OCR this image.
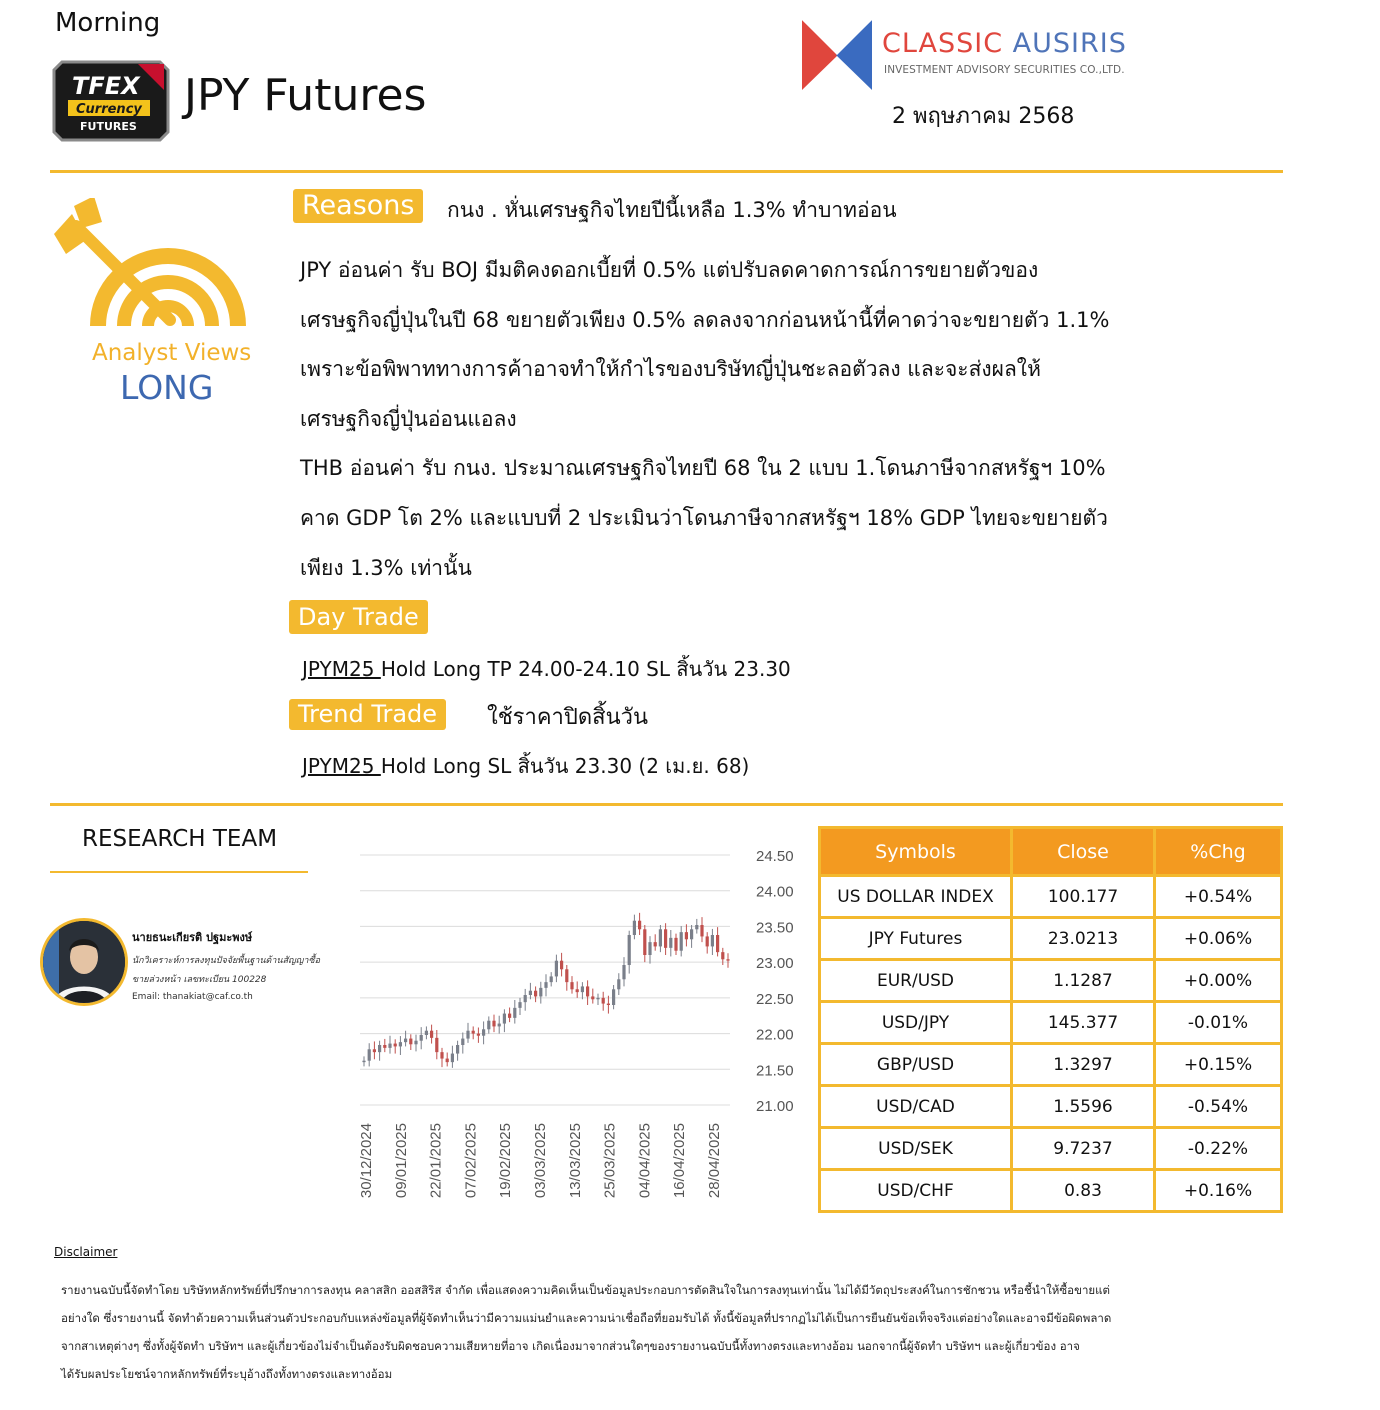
Morning
TFEX
Currency
FUTURES
JPY Futures
CLASSIC AUSIRIS
INVESTMENT ADVISORY SECURITIES CO.,LTD.
2 พฤษภาคม 2568
Analyst Views
LONG
Reasons	กนง . หั่นเศรษฐกิจไทยปีนี้เหลือ 1.3% ทำบาทอ่อน

JPY อ่อนค่า รับ BOJ มีมติคงดอกเบี้ยที่ 0.5% แต่ปรับลดคาดการณ์การขยายตัวของ

เศรษฐกิจญี่ปุ่นในปี 68 ขยายตัวเพียง 0.5% ลดลงจากก่อนหน้านี้ที่คาดว่าจะขยายตัว 1.1%

เพราะข้อพิพาททางการค้าอาจทำให้กำไรของบริษัทญี่ปุ่นชะลอตัวลง และจะส่งผลให้

เศรษฐกิจญี่ปุ่นอ่อนแอลง

THB อ่อนค่า รับ กนง. ประมาณเศรษฐกิจไทยปี 68 ใน 2 แบบ 1.โดนภาษีจากสหรัฐฯ 10%

คาด GDP โต 2% และแบบที่ 2 ประเมินว่าโดนภาษีจากสหรัฐฯ 18% GDP ไทยจะขยายตัว

เพียง 1.3% เท่านั้น

Day Trade
JPYM25 Hold Long TP 24.00-24.10 SL สิ้นวัน 23.30
Trend Trade	ใช้ราคาปิดสิ้นวัน
JPYM25 Hold Long SL สิ้นวัน 23.30 (2 เม.ย. 68)
RESEARCH TEAM
นายธนะเกียรติ ปฐมะพงษ์
นักวิเคราะห์การลงทุนปัจจัยพื้นฐานด้านสัญญาซื้อ
ขายล่วงหน้า เลขทะเบียน 100228
Email: thanakiat@caf.co.th
24.50
24.00
23.50
23.00
22.50
22.00
21.50
21.00
30/12/2024 09/01/2025 22/01/2025 07/02/2025 19/02/2025 03/03/2025 13/03/2025 25/03/2025 04/04/2025 16/04/2025 28/04/2025
Symbols	Close	%Chg
US DOLLAR INDEX	100.177	+0.54%
JPY Futures	23.0213	+0.06%
EUR/USD	1.1287	+0.00%
USD/JPY	145.377	-0.01%
GBP/USD	1.3297	+0.15%
USD/CAD	1.5596	-0.54%
USD/SEK	9.7237	-0.22%
USD/CHF	0.83	+0.16%
Disclaimer
รายงานฉบับนี้จัดทำโดย บริษัทหลักทรัพย์ที่ปรึกษาการลงทุน คลาสสิก ออสสิริส จำกัด เพื่อแสดงความคิดเห็นเป็นข้อมูลประกอบการตัดสินใจในการลงทุนเท่านั้น ไม่ได้มีวัตถุประสงค์ในการชักชวน หรือชี้นำให้ซื้อขายแต่
อย่างใด ซึ่งรายงานนี้ จัดทำด้วยความเห็นส่วนตัวประกอบกับแหล่งข้อมูลที่ผู้จัดทำเห็นว่ามีความแม่นยำและความน่าเชื่อถือที่ยอมรับได้ ทั้งนี้ข้อมูลที่ปรากฏไม่ได้เป็นการยืนยันข้อเท็จจริงแต่อย่างใดและอาจมีข้อผิดพลาด
จากสาเหตุต่างๆ ซึ่งทั้งผู้จัดทำ บริษัทฯ และผู้เกี่ยวข้องไม่จำเป็นต้องรับผิดชอบความเสียหายที่อาจ เกิดเนื่องมาจากส่วนใดๆของรายงานฉบับนี้ทั้งทางตรงและทางอ้อม นอกจากนี้ผู้จัดทำ บริษัทฯ และผู้เกี่ยวข้อง อาจ
ได้รับผลประโยชน์จากหลักทรัพย์ที่ระบุอ้างถึงทั้งทางตรงและทางอ้อม
